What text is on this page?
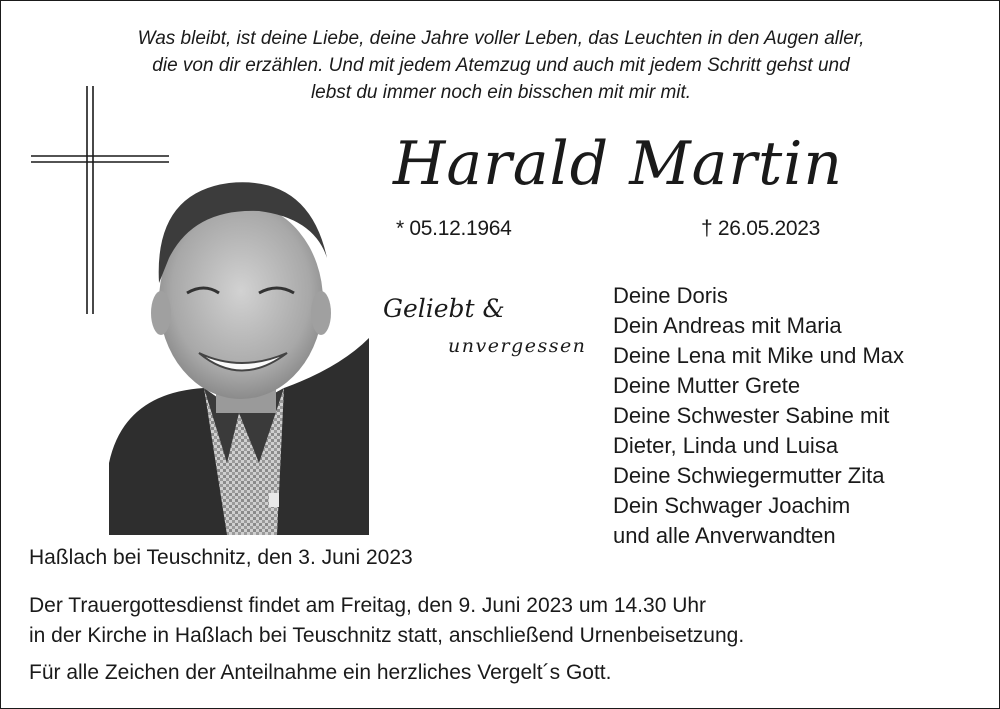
Was bleibt, ist deine Liebe, deine Jahre voller Leben, das Leuchten in den Augen aller,
die von dir erzählen. Und mit jedem Atemzug und auch mit jedem Schritt gehst und
lebst du immer noch ein bisschen mit mir mit.
Harald Martin
* 05.12.1964	† 26.05.2023
Geliebt &
unvergessen
Deine Doris
Dein Andreas mit Maria
Deine Lena mit Mike und Max
Deine Mutter Grete
Deine Schwester Sabine mit
Dieter, Linda und Luisa
Deine Schwiegermutter Zita
Dein Schwager Joachim
und alle Anverwandten
Haßlach bei Teuschnitz, den 3. Juni 2023
Der Trauergottesdienst findet am Freitag, den 9. Juni 2023 um 14.30 Uhr
in der Kirche in Haßlach bei Teuschnitz statt, anschließend Urnenbeisetzung.
Für alle Zeichen der Anteilnahme ein herzliches Vergelt´s Gott.
